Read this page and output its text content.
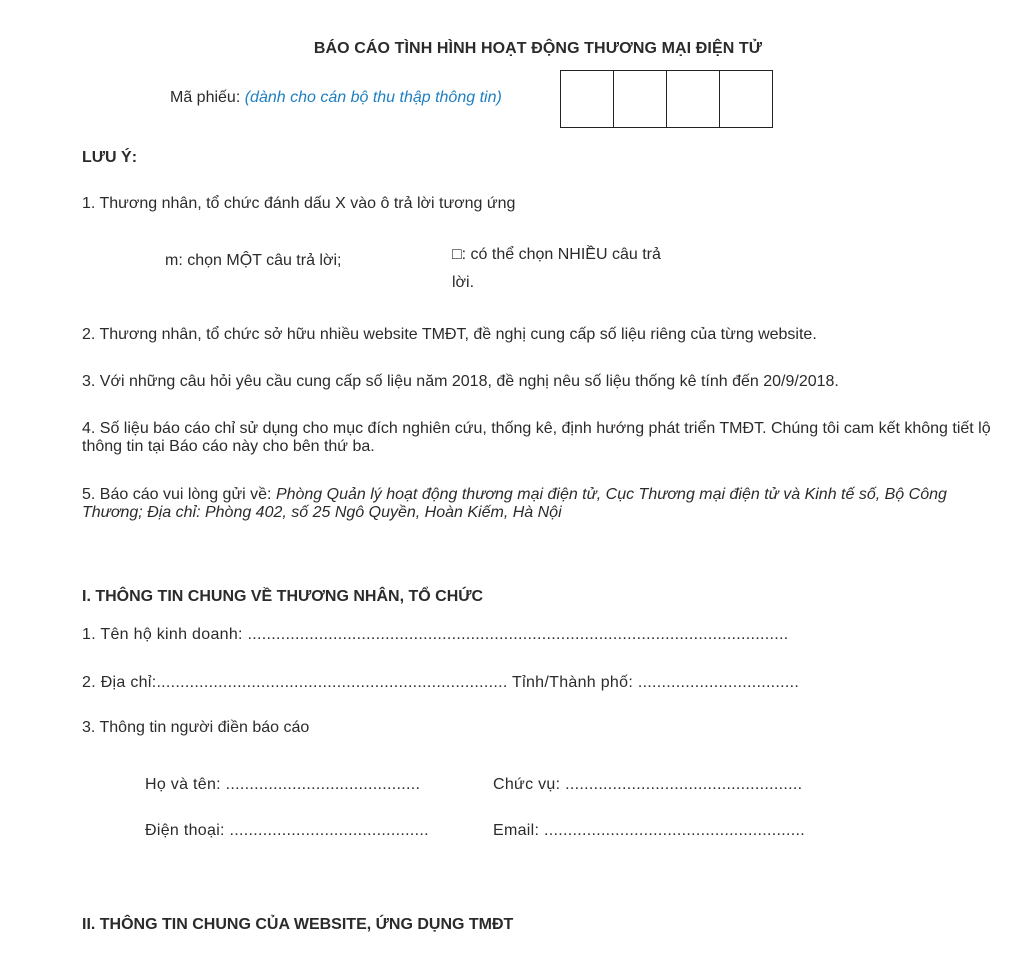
BÁO CÁO TÌNH HÌNH HOẠT ĐỘNG THƯƠNG MẠI ĐIỆN TỬ
Mã phiếu: (dành cho cán bộ thu thập thông tin)
LƯU Ý:
1. Thương nhân, tổ chức đánh dấu X vào ô trả lời tương ứng
m: chọn MỘT câu trả lời;	□: có thể chọn NHIỀU câu trả
lời.
2. Thương nhân, tổ chức sở hữu nhiều website TMĐT, đề nghị cung cấp số liệu riêng của từng website.
3. Với những câu hỏi yêu cầu cung cấp số liệu năm 2018, đề nghị nêu số liệu thống kê tính đến 20/9/2018.
4. Số liệu báo cáo chỉ sử dụng cho mục đích nghiên cứu, thống kê, định hướng phát triển TMĐT. Chúng tôi cam kết không tiết lộ thông tin tại Báo cáo này cho bên thứ ba.
5. Báo cáo vui lòng gửi về: Phòng Quản lý hoạt động thương mại điện tử, Cục Thương mại điện tử và Kinh tế số, Bộ Công Thương; Địa chỉ: Phòng 402, số 25 Ngô Quyền, Hoàn Kiếm, Hà Nội
I. THÔNG TIN CHUNG VỀ THƯƠNG NHÂN, TỔ CHỨC
1. Tên hộ kinh doanh: ..................................................................................................................
2. Địa chỉ:.......................................................................... Tỉnh/Thành phố: ..................................
3. Thông tin người điền báo cáo
Họ và tên: .........................................	Chức vụ: ..................................................
Điện thoại: ..........................................	Email: .......................................................
II. THÔNG TIN CHUNG CỦA WEBSITE, ỨNG DỤNG TMĐT
